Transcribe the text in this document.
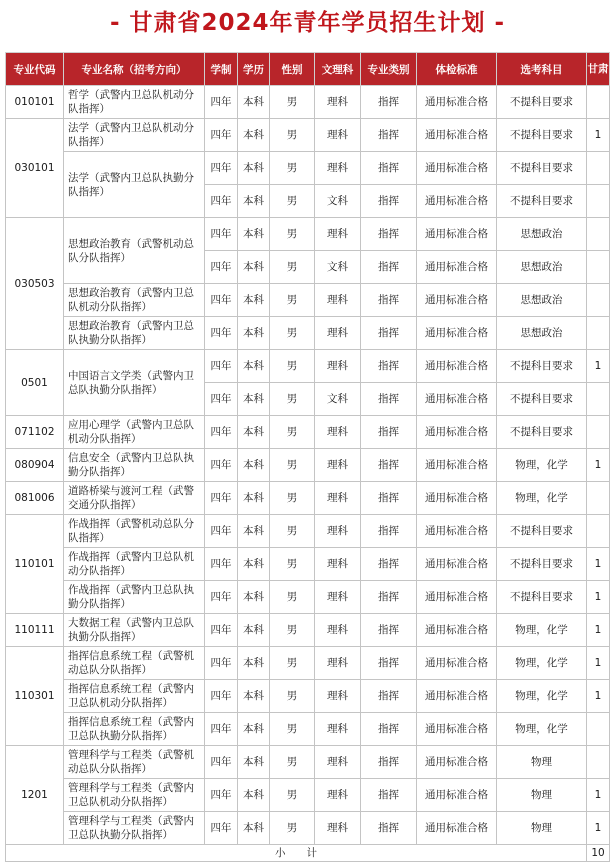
- 甘肃省2024年青年学员招生计划 -
专业代码	专业名称（招考方向）	学制	学历	性别	文理科	专业类别	体检标准	选考科目	甘肃
010101	哲学（武警内卫总队机动分队指挥）	四年	本科	男	理科	指挥	通用标准合格	不提科目要求	
030101	法学（武警内卫总队机动分队指挥）	四年	本科	男	理科	指挥	通用标准合格	不提科目要求	1
	法学（武警内卫总队执勤分队指挥）	四年	本科	男	理科	指挥	通用标准合格	不提科目要求	
		四年	本科	男	文科	指挥	通用标准合格	不提科目要求	
030503	思想政治教育（武警机动总队分队指挥）	四年	本科	男	理科	指挥	通用标准合格	思想政治	
		四年	本科	男	文科	指挥	通用标准合格	思想政治	
	思想政治教育（武警内卫总队机动分队指挥）	四年	本科	男	理科	指挥	通用标准合格	思想政治	
	思想政治教育（武警内卫总队执勤分队指挥）	四年	本科	男	理科	指挥	通用标准合格	思想政治	
0501	中国语言文学类（武警内卫总队执勤分队指挥）	四年	本科	男	理科	指挥	通用标准合格	不提科目要求	1
		四年	本科	男	文科	指挥	通用标准合格	不提科目要求	
071102	应用心理学（武警内卫总队机动分队指挥）	四年	本科	男	理科	指挥	通用标准合格	不提科目要求	
080904	信息安全（武警内卫总队执勤分队指挥）	四年	本科	男	理科	指挥	通用标准合格	物理，化学	1
081006	道路桥梁与渡河工程（武警交通分队指挥）	四年	本科	男	理科	指挥	通用标准合格	物理，化学	
110101	作战指挥（武警机动总队分队指挥）	四年	本科	男	理科	指挥	通用标准合格	不提科目要求	
	作战指挥（武警内卫总队机动分队指挥）	四年	本科	男	理科	指挥	通用标准合格	不提科目要求	1
	作战指挥（武警内卫总队执勤分队指挥）	四年	本科	男	理科	指挥	通用标准合格	不提科目要求	1
110111	大数据工程（武警内卫总队执勤分队指挥）	四年	本科	男	理科	指挥	通用标准合格	物理，化学	1
110301	指挥信息系统工程（武警机动总队分队指挥）	四年	本科	男	理科	指挥	通用标准合格	物理，化学	1
	指挥信息系统工程（武警内卫总队机动分队指挥）	四年	本科	男	理科	指挥	通用标准合格	物理，化学	1
	指挥信息系统工程（武警内卫总队执勤分队指挥）	四年	本科	男	理科	指挥	通用标准合格	物理，化学	
1201	管理科学与工程类（武警机动总队分队指挥）	四年	本科	男	理科	指挥	通用标准合格	物理	
	管理科学与工程类（武警内卫总队机动分队指挥）	四年	本科	男	理科	指挥	通用标准合格	物理	1
	管理科学与工程类（武警内卫总队执勤分队指挥）	四年	本科	男	理科	指挥	通用标准合格	物理	1
小　　计									10
